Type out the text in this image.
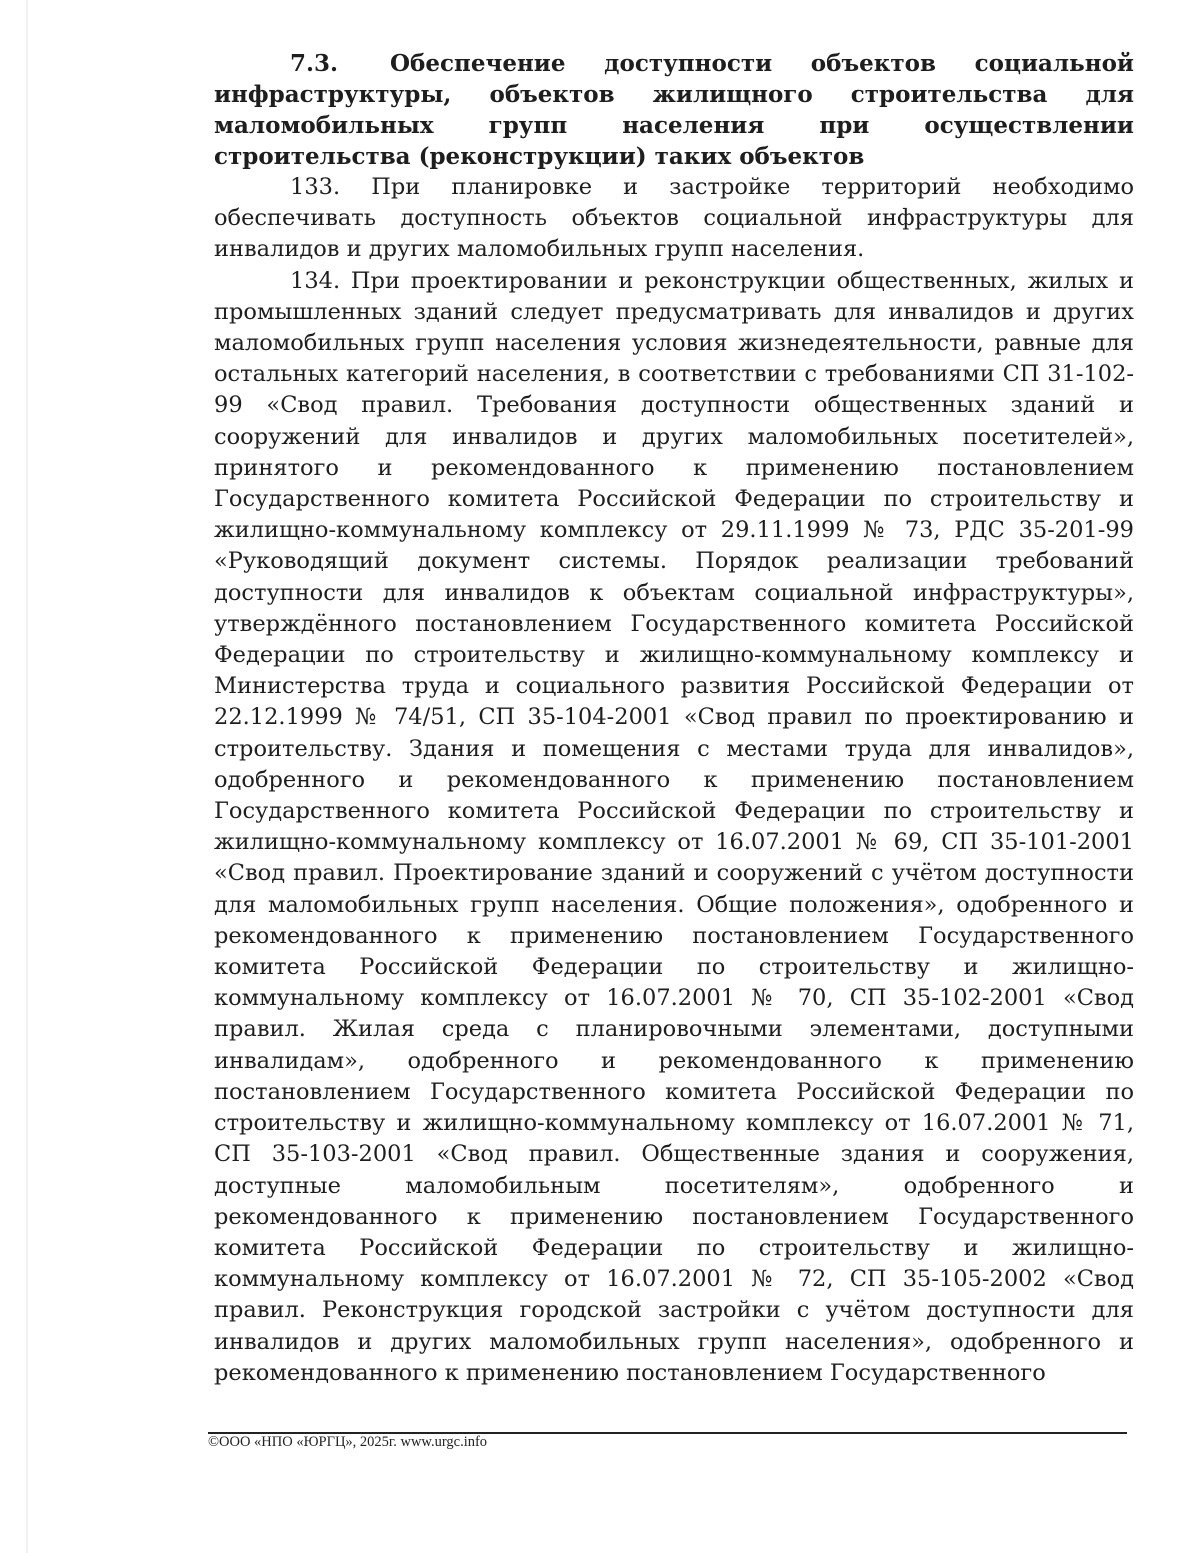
7.3. Обеспечение доступности объектов социальной инфраструктуры, объектов жилищного строительства для маломобильных групп населения при осуществлении строительства (реконструкции) таких объектов

133. При планировке и застройке территорий необходимо обеспечивать доступность объектов социальной инфраструктуры для инвалидов и других маломобильных групп населения.

134. При проектировании и реконструкции общественных, жилых и промышленных зданий следует предусматривать для инвалидов и других маломобильных групп населения условия жизнедеятельности, равные для остальных категорий населения, в соответствии с требованиями СП 31-102-99 «Свод правил. Требования доступности общественных зданий и сооружений для инвалидов и других маломобильных посетителей», принятого и рекомендованного к применению постановлением Государственного комитета Российской Федерации по строительству и жилищно-коммунальному комплексу от 29.11.1999 № 73, РДС 35-201-99 «Руководящий документ системы. Порядок реализации требований доступности для инвалидов к объектам социальной инфраструктуры», утверждённого постановлением Государственного комитета Российской Федерации по строительству и жилищно-коммунальному комплексу и Министерства труда и социального развития Российской Федерации от 22.12.1999 № 74/51, СП 35-104-2001 «Свод правил по проектированию и строительству. Здания и помещения с местами труда для инвалидов», одобренного и рекомендованного к применению постановлением Государственного комитета Российской Федерации по строительству и жилищно-коммунальному комплексу от 16.07.2001 № 69, СП 35-101-2001 «Свод правил. Проектирование зданий и сооружений с учётом доступности для маломобильных групп населения. Общие положения», одобренного и рекомендованного к применению постановлением Государственного комитета Российской Федерации по строительству и жилищно-коммунальному комплексу от 16.07.2001 № 70, СП 35-102-2001 «Свод правил. Жилая среда с планировочными элементами, доступными инвалидам», одобренного и рекомендованного к применению постановлением Государственного комитета Российской Федерации по строительству и жилищно-коммунальному комплексу от 16.07.2001 № 71, СП 35-103-2001 «Свод правил. Общественные здания и сооружения, доступные маломобильным посетителям», одобренного и рекомендованного к применению постановлением Государственного комитета Российской Федерации по строительству и жилищно-коммунальному комплексу от 16.07.2001 № 72, СП 35-105-2002 «Свод правил. Реконструкция городской застройки с учётом доступности для инвалидов и других маломобильных групп населения», одобренного и рекомендованного к применению постановлением Государственного

©ООО «НПО «ЮРГЦ», 2025г. www.urgc.info
